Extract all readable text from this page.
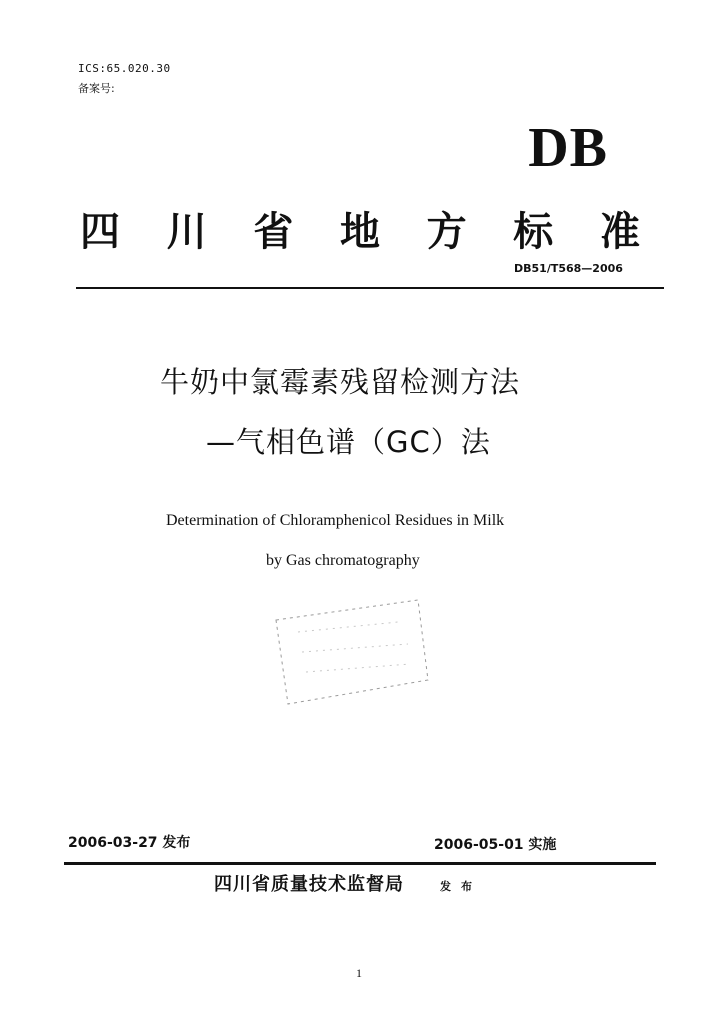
ICS:65.020.30
备案号:
DB
四 川 省 地 方 标 准
DB51/T568—2006
牛奶中氯霉素残留检测方法
—气相色谱（GC）法
Determination of Chloramphenicol Residues in Milk
by Gas chromatography
2006-03-27 发布	2006-05-01 实施
四川省质量技术监督局	发布
1
